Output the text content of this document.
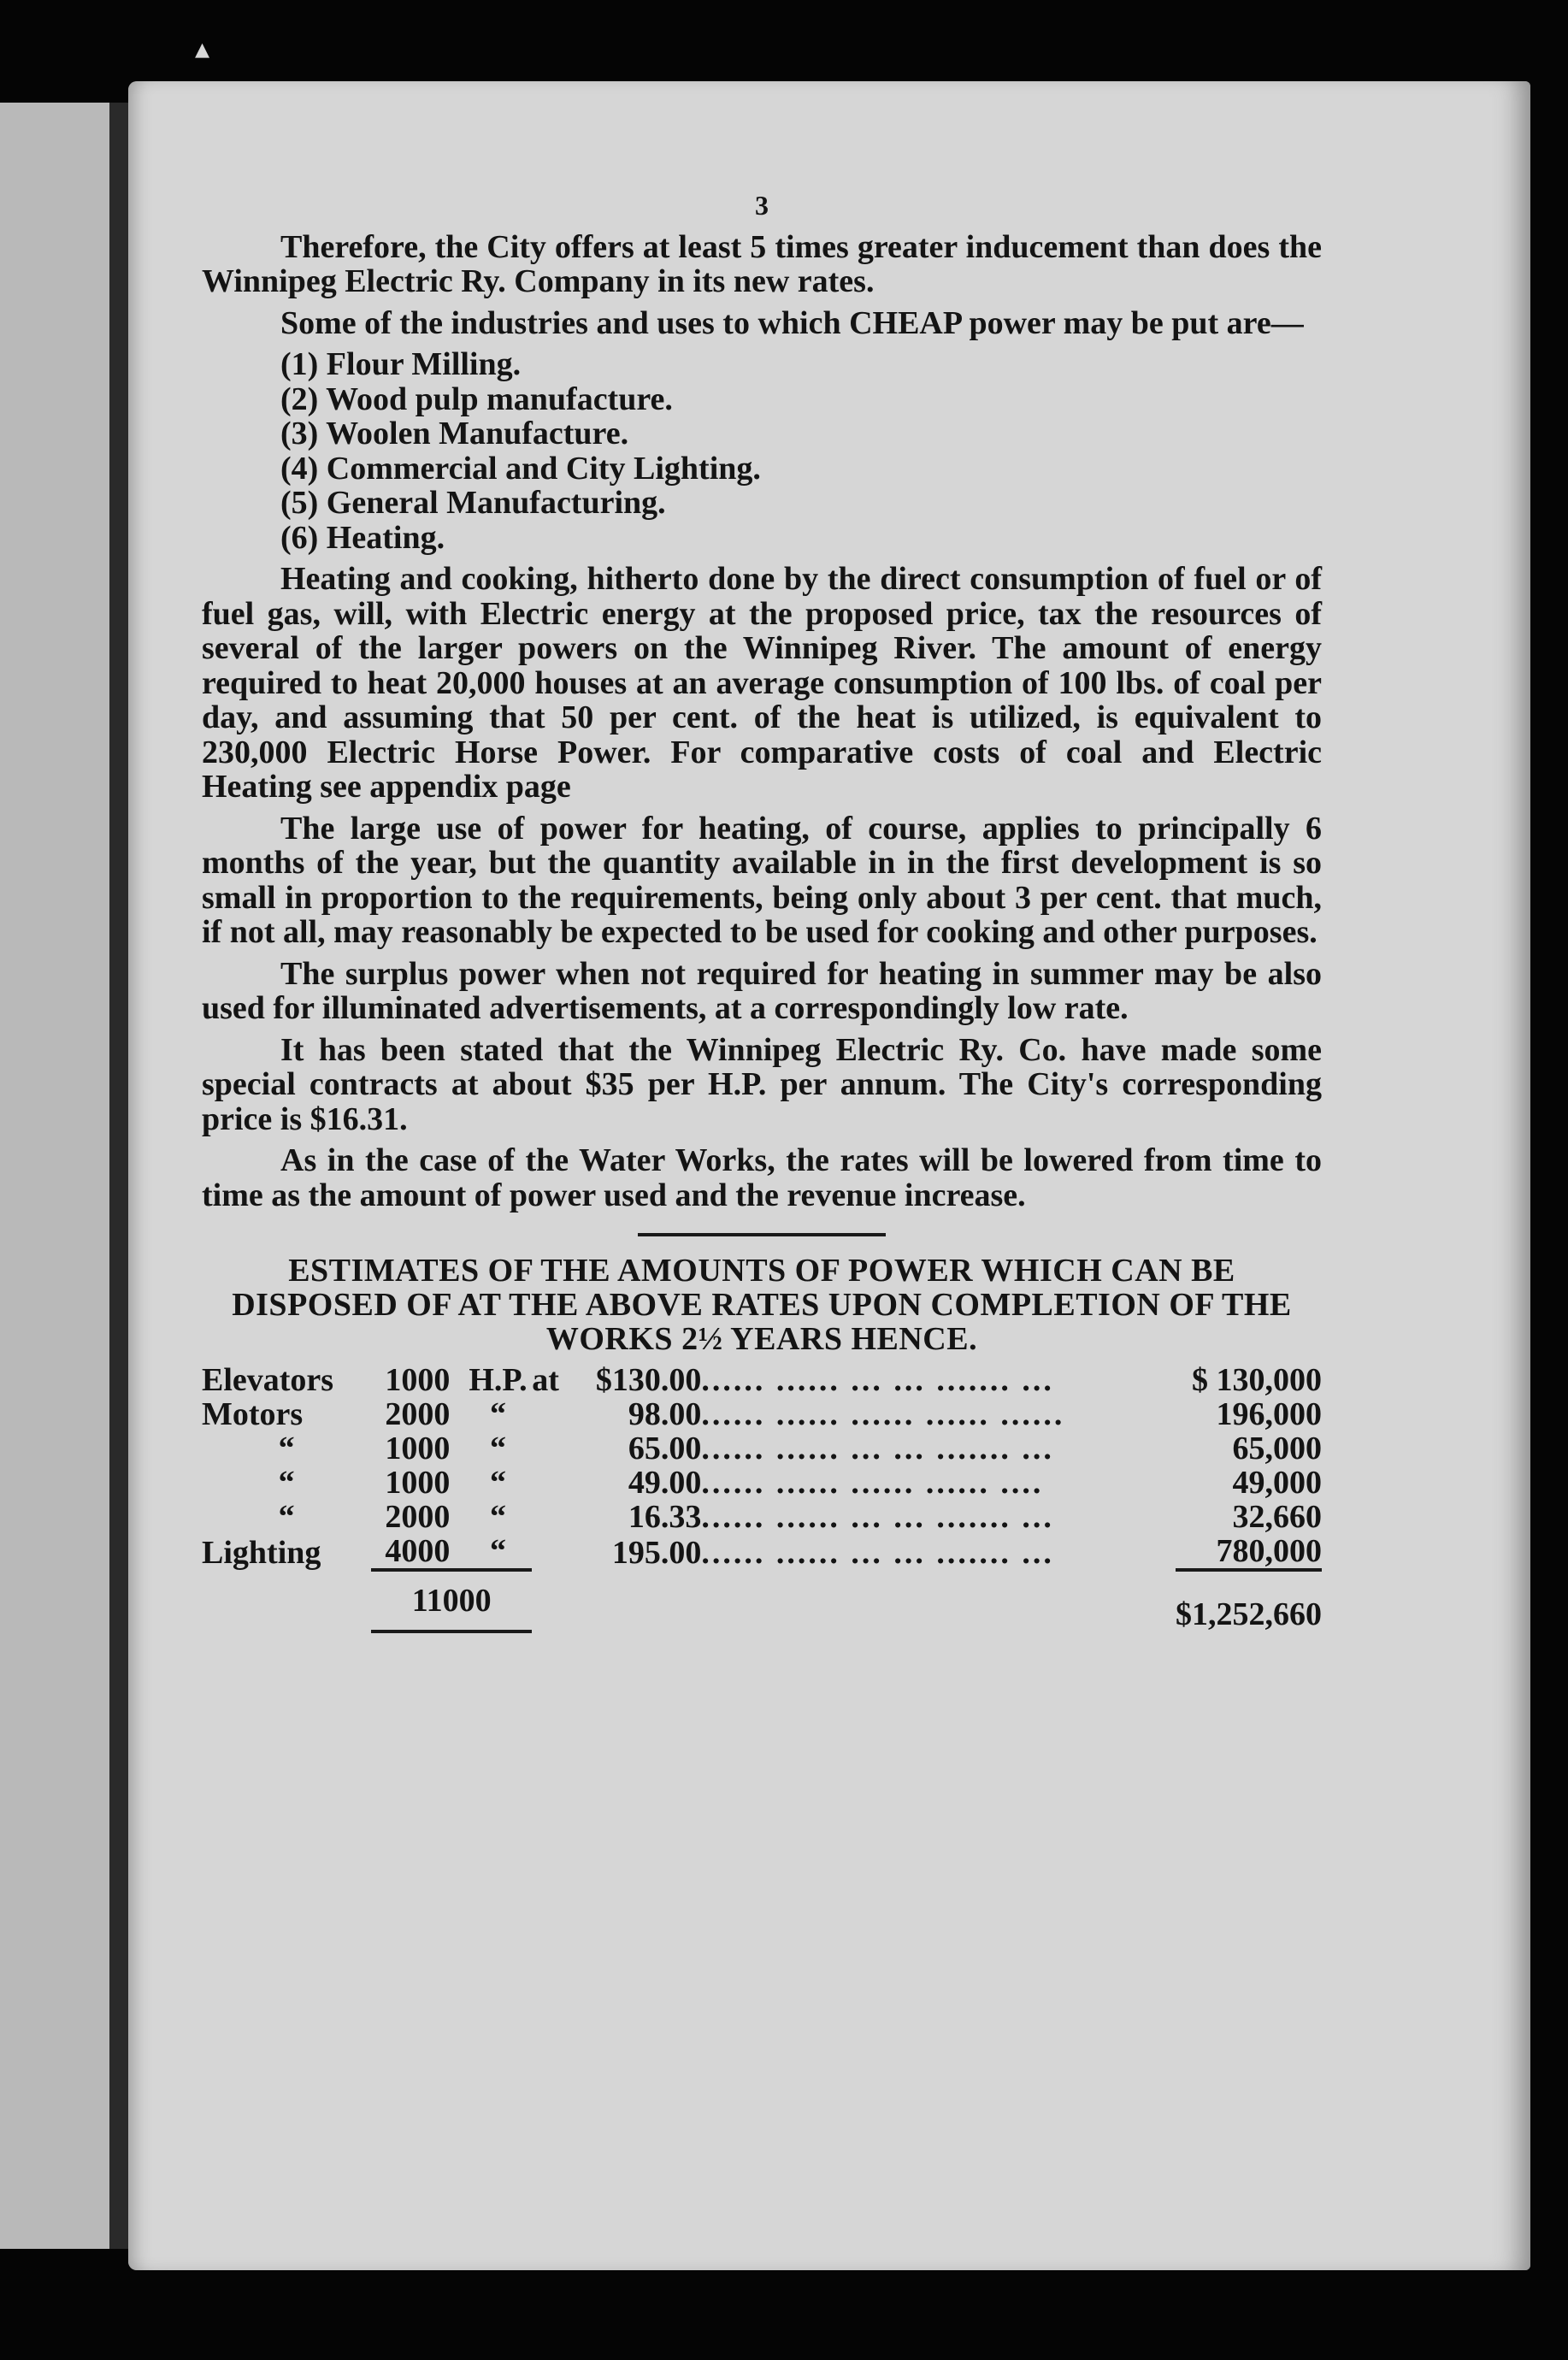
▴
3

Therefore, the City offers at least 5 times greater inducement than does the Winnipeg Electric Ry. Company in its new rates.

Some of the industries and uses to which CHEAP power may be put are—

(1) Flour Milling.
(2) Wood pulp manufacture.
(3) Woolen Manufacture.
(4) Commercial and City Lighting.
(5) General Manufacturing.
(6) Heating.

Heating and cooking, hitherto done by the direct consumption of fuel or of fuel gas, will, with Electric energy at the proposed price, tax the resources of several of the larger powers on the Winnipeg River. The amount of energy required to heat 20,000 houses at an average consumption of 100 lbs. of coal per day, and assuming that 50 per cent. of the heat is utilized, is equivalent to 230,000 Electric Horse Power. For comparative costs of coal and Electric Heating see appendix page

The large use of power for heating, of course, applies to principally 6 months of the year, but the quantity available in in the first development is so small in proportion to the requirements, being only about 3 per cent. that much, if not all, may reasonably be expected to be used for cooking and other purposes.

The surplus power when not required for heating in summer may be also used for illuminated advertisements, at a correspondingly low rate.

It has been stated that the Winnipeg Electric Ry. Co. have made some special contracts at about $35 per H.P. per annum. The City's corresponding price is $16.31.

As in the case of the Water Works, the rates will be lowered from time to time as the amount of power used and the revenue increase.

ESTIMATES OF THE AMOUNTS OF POWER WHICH CAN BE DISPOSED OF AT THE ABOVE RATES UPON COMPLETION OF THE WORKS 2½ YEARS HENCE.
Elevators	1000	H.P.	at	$130.00	...... ...... ... ... ....... ...	$ 130,000
Motors	2000	“		98.00	...... ...... ...... ...... ......	196,000
“	1000	“		65.00	...... ...... ... ... ....... ...	65,000
“	1000	“		49.00	...... ...... ...... ...... ....	49,000
“	2000	“		16.33	...... ...... ... ... ....... ...	32,660
Lighting	4000	“		195.00	...... ...... ... ... ....... ...	780,000
	11000					$1,252,660
